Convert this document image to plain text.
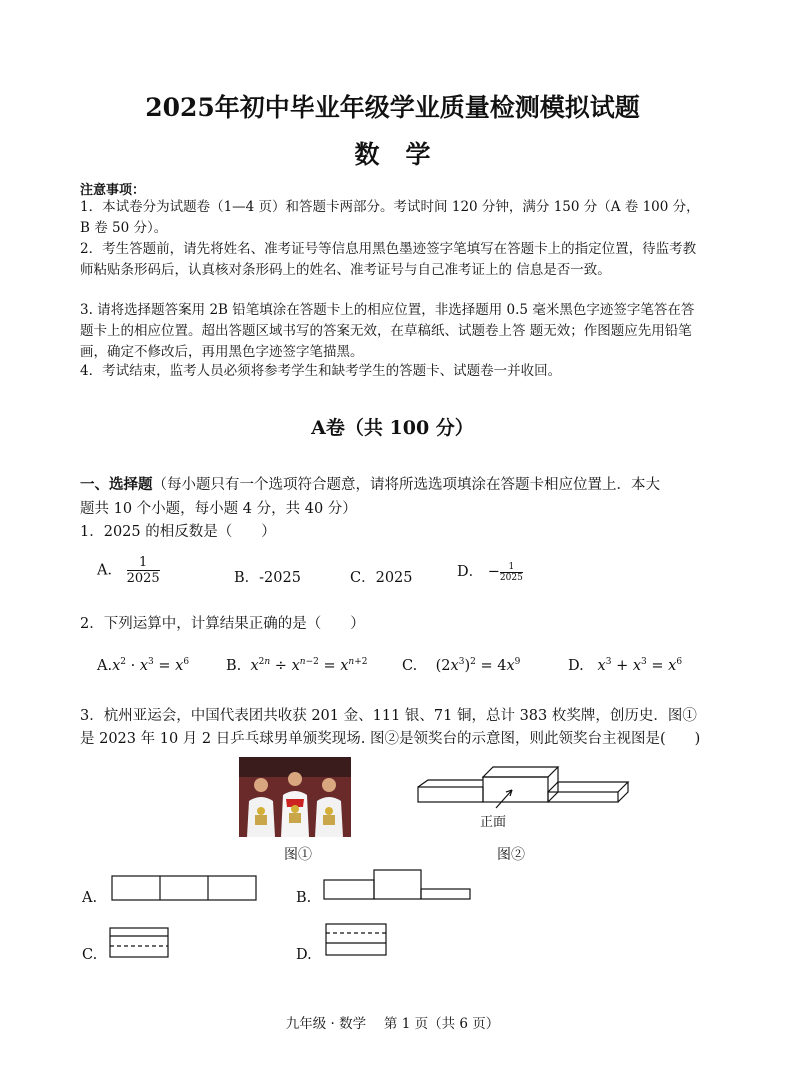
2025年初中毕业年级学业质量检测模拟试题
数学
注意事项：
1．本试卷分为试题卷（1—4 页）和答题卡两部分。考试时间 120 分钟，满分 150 分（A 卷 100 分，B 卷 50 分）。
2．考生答题前，请先将姓名、准考证号等信息用黑色墨迹签字笔填写在答题卡上的指定位置，待监考教师粘贴条形码后，认真核对条形码上的姓名、准考证号与自己准考证上的 信息是否一致。
3. 请将选择题答案用 2B 铅笔填涂在答题卡上的相应位置，非选择题用 0.5 毫米黑色字迹签字笔答在答题卡上的相应位置。超出答题区域书写的答案无效，在草稿纸、试题卷上答 题无效；作图题应先用铅笔画，确定不修改后，再用黑色字迹签字笔描黑。
4．考试结束，监考人员必须将参考学生和缺考学生的答题卡、试题卷一并收回。
A卷（共 100 分）
一、选择题（每小题只有一个选项符合题意，请将所选选项填涂在答题卡相应位置上．本大
题共 10 个小题，每小题 4 分，共 40 分）
1．2025 的相反数是（　　）
A． $\frac{1}{2025}$	B．-2025	C．2025	D． − $\frac{1}{2025}$
2．下列运算中，计算结果正确的是（　　）
$A.x^2 \cdot x^3 = x^6$	B. $x^{2n} \div x^{n-2} = x^{n+2}$ C.    $(2x^3)^2 = 4x^9$	D. $x^3 + x^3 = x^6$
3．杭州亚运会，中国代表团共收获 201 金、111 银、71 铜，总计 383 枚奖牌，创历史．图①
是 2023 年 10 月 2 日乒乓球男单颁奖现场. 图②是领奖台的示意图，则此领奖台主视图是(　　)
图①
正面
图②
A.	B.
C.	D.
九年级 · 数学　 第 1 页（共 6 页）
